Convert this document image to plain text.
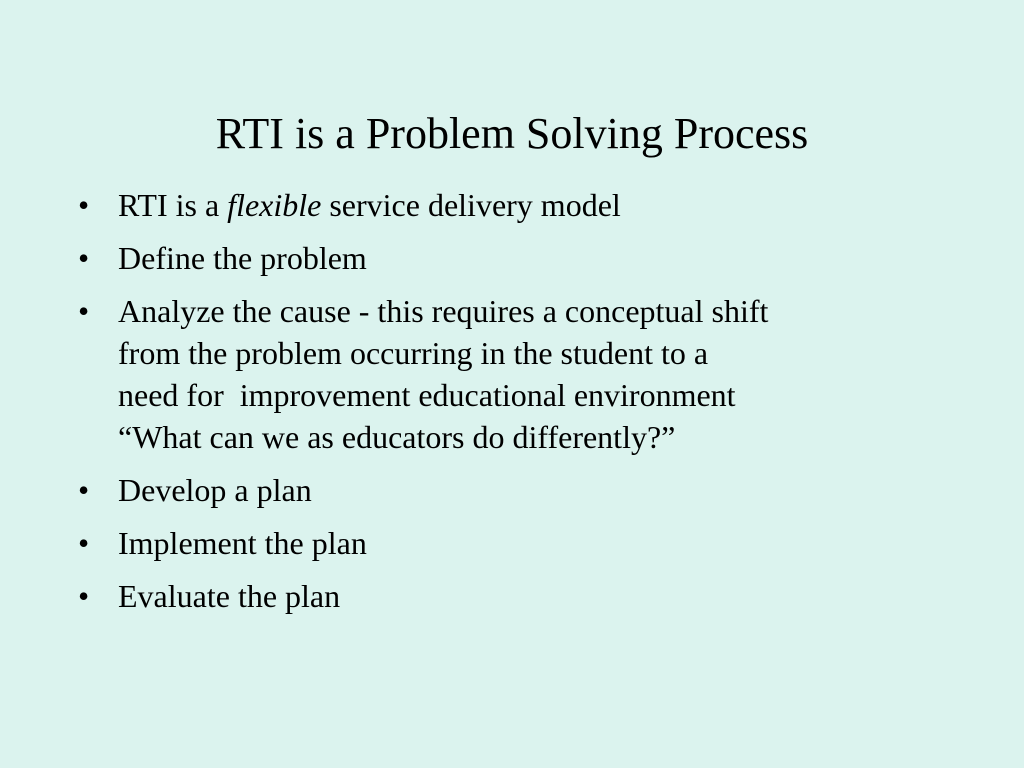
RTI is a Problem Solving Process
• RTI is a flexible service delivery model
• Define the problem
• Analyze the cause - this requires a conceptual shift
from the problem occurring in the student to a
need for  improvement educational environment
“What can we as educators do differently?”
• Develop a plan
• Implement the plan
• Evaluate the plan
